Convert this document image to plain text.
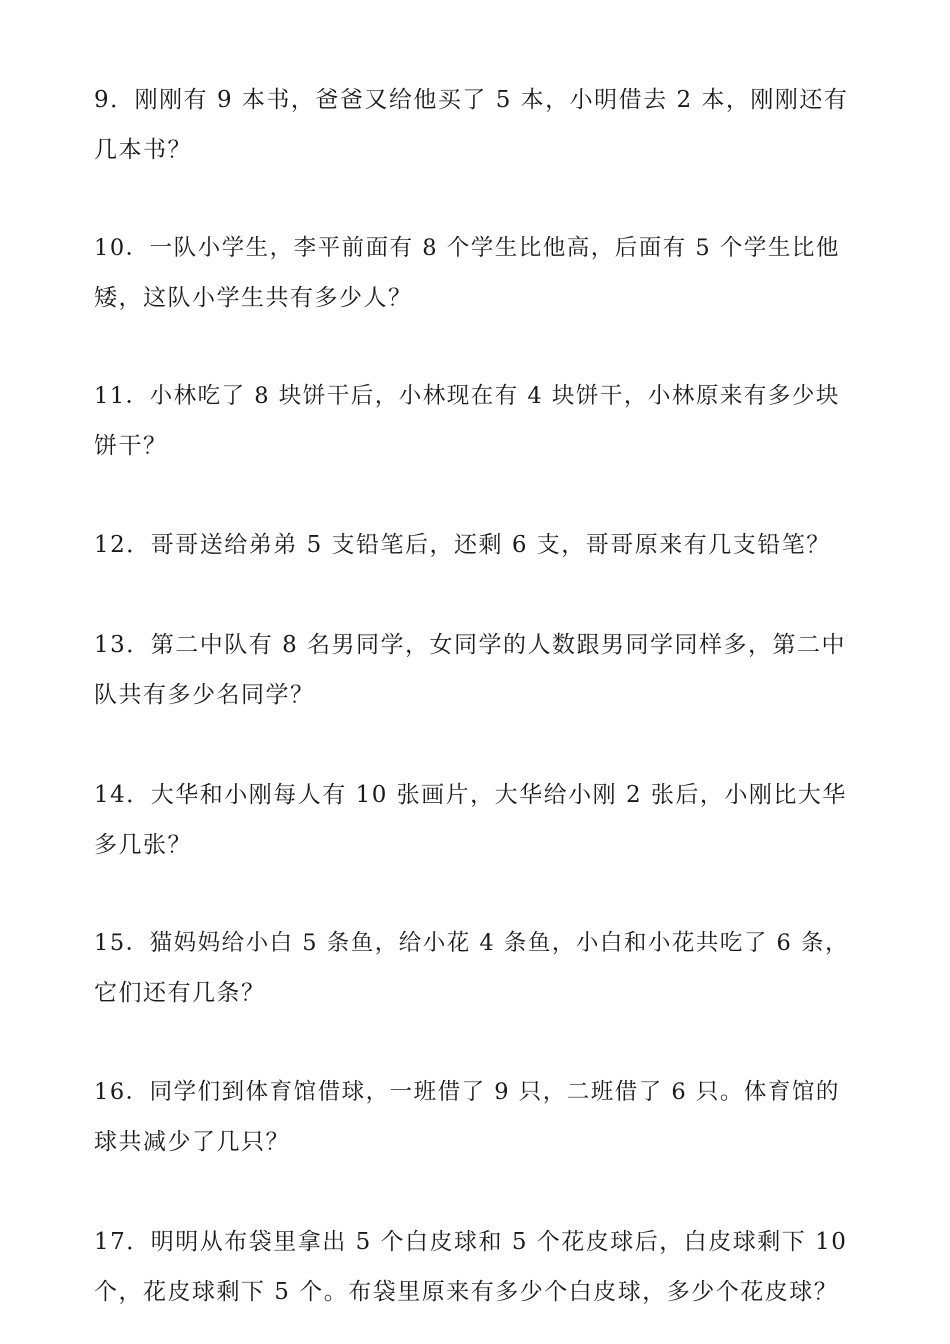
9．刚刚有 9 本书，爸爸又给他买了 5 本，小明借去 2 本，刚刚还有
几本书？
10．一队小学生，李平前面有 8 个学生比他高，后面有 5 个学生比他
矮，这队小学生共有多少人？
11．小林吃了 8 块饼干后，小林现在有 4 块饼干，小林原来有多少块
饼干？
12．哥哥送给弟弟 5 支铅笔后，还剩 6 支，哥哥原来有几支铅笔？
13．第二中队有 8 名男同学，女同学的人数跟男同学同样多，第二中
队共有多少名同学？
14．大华和小刚每人有 10 张画片，大华给小刚 2 张后，小刚比大华
多几张？
15．猫妈妈给小白 5 条鱼，给小花 4 条鱼，小白和小花共吃了 6 条，
它们还有几条？
16．同学们到体育馆借球，一班借了 9 只，二班借了 6 只。体育馆的
球共减少了几只？
17．明明从布袋里拿出 5 个白皮球和 5 个花皮球后，白皮球剩下 10
个，花皮球剩下 5 个。布袋里原来有多少个白皮球，多少个花皮球？
